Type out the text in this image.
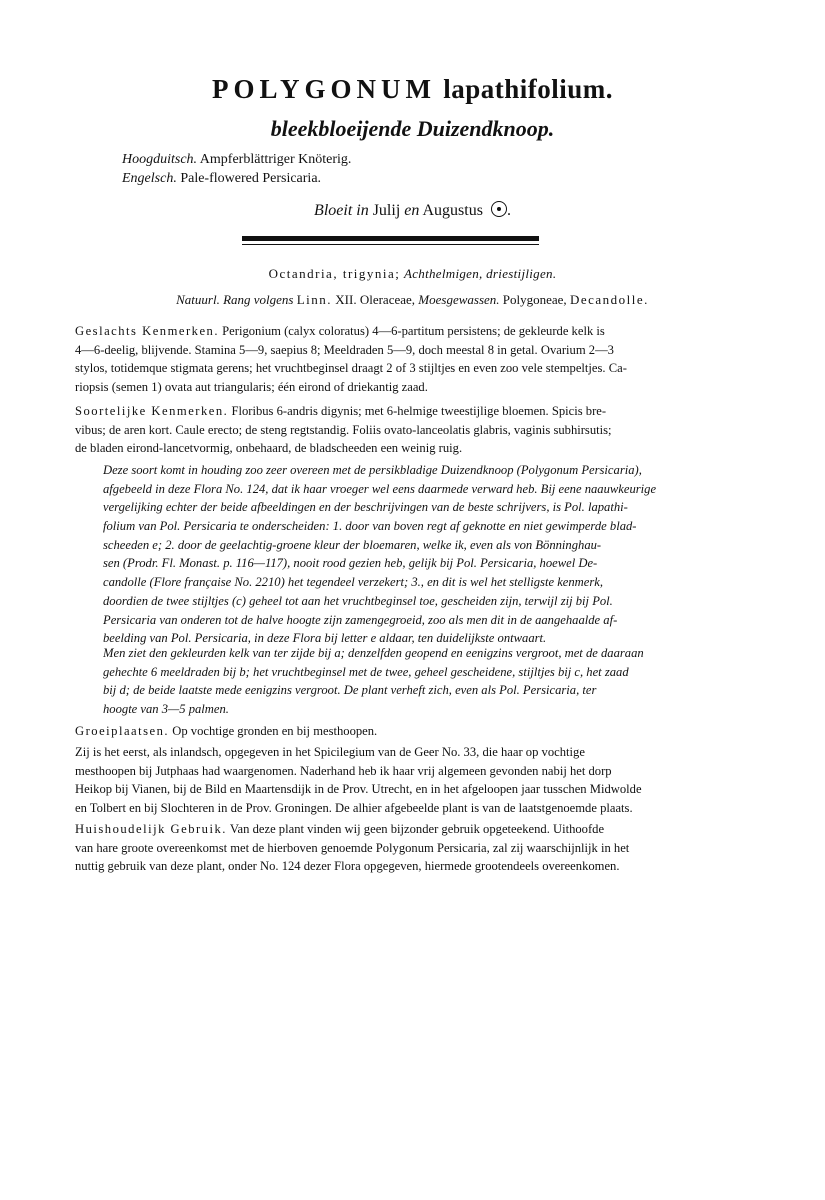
POLYGONUM lapathifolium.
bleekbloeijende Duizendknoop.
Hoogduitsch. Ampferblättriger Knöterig.
Engelsch. Pale-flowered Persicaria.
Bloeit in Julij en Augustus .
Octandria, trigynia; Achthelmigen, driestijligen.
Natuurl. Rang volgens Linn. XII. Oleraceae, Moesgewassen. Polygoneae, Decandolle.
Geslachts Kenmerken. Perigonium (calyx coloratus) 4—6-partitum persistens; de gekleurde kelk is
4—6-deelig, blijvende. Stamina 5—9, saepius 8; Meeldraden 5—9, doch meestal 8 in getal. Ovarium 2—3
stylos, totidemque stigmata gerens; het vruchtbeginsel draagt 2 of 3 stijltjes en even zoo vele stempeltjes. Ca-
riopsis (semen 1) ovata aut triangularis; één eirond of driekantig zaad.
Soortelijke Kenmerken. Floribus 6-andris digynis; met 6-helmige tweestijlige bloemen. Spicis bre-
vibus; de aren kort. Caule erecto; de steng regtstandig. Foliis ovato-lanceolatis glabris, vaginis subhirsutis;
de bladen eirond-lancetvormig, onbehaard, de bladscheeden een weinig ruig.
Deze soort komt in houding zoo zeer overeen met de persikbladige Duizendknoop (Polygonum Persicaria),
afgebeeld in deze Flora No. 124, dat ik haar vroeger wel eens daarmede verward heb. Bij eene naauwkeurige
vergelijking echter der beide afbeeldingen en der beschrijvingen van de beste schrijvers, is Pol. lapathi-
folium van Pol. Persicaria te onderscheiden: 1. door van boven regt af geknotte en niet gewimperde blad-
scheeden e; 2. door de geelachtig-groene kleur der bloemaren, welke ik, even als von Bönninghau-
sen (Prodr. Fl. Monast. p. 116—117), nooit rood gezien heb, gelijk bij Pol. Persicaria, hoewel De-
candolle (Flore française No. 2210) het tegendeel verzekert; 3., en dit is wel het stelligste kenmerk,
doordien de twee stijltjes (c) geheel tot aan het vruchtbeginsel toe, gescheiden zijn, terwijl zij bij Pol.
Persicaria van onderen tot de halve hoogte zijn zamengegroeid, zoo als men dit in de aangehaalde af-
beelding van Pol. Persicaria, in deze Flora bij letter e aldaar, ten duidelijkste ontwaart.
Men ziet den gekleurden kelk van ter zijde bij a; denzelfden geopend en eenigzins vergroot, met de daaraan
gehechte 6 meeldraden bij b; het vruchtbeginsel met de twee, geheel gescheidene, stijltjes bij c, het zaad
bij d; de beide laatste mede eenigzins vergroot. De plant verheft zich, even als Pol. Persicaria, ter
hoogte van 3—5 palmen.
Groeiplaatsen. Op vochtige gronden en bij mesthoopen.
Zij is het eerst, als inlandsch, opgegeven in het Spicilegium van de Geer No. 33, die haar op vochtige
mesthoopen bij Jutphaas had waargenomen. Naderhand heb ik haar vrij algemeen gevonden nabij het dorp
Heikop bij Vianen, bij de Bild en Maartensdijk in de Prov. Utrecht, en in het afgeloopen jaar tusschen Midwolde
en Tolbert en bij Slochteren in de Prov. Groningen. De alhier afgebeelde plant is van de laatstgenoemde plaats.
Huishoudelijk Gebruik. Van deze plant vinden wij geen bijzonder gebruik opgeteekend. Uithoofde
van hare groote overeenkomst met de hierboven genoemde Polygonum Persicaria, zal zij waarschijnlijk in het
nuttig gebruik van deze plant, onder No. 124 dezer Flora opgegeven, hiermede grootendeels overeenkomen.
